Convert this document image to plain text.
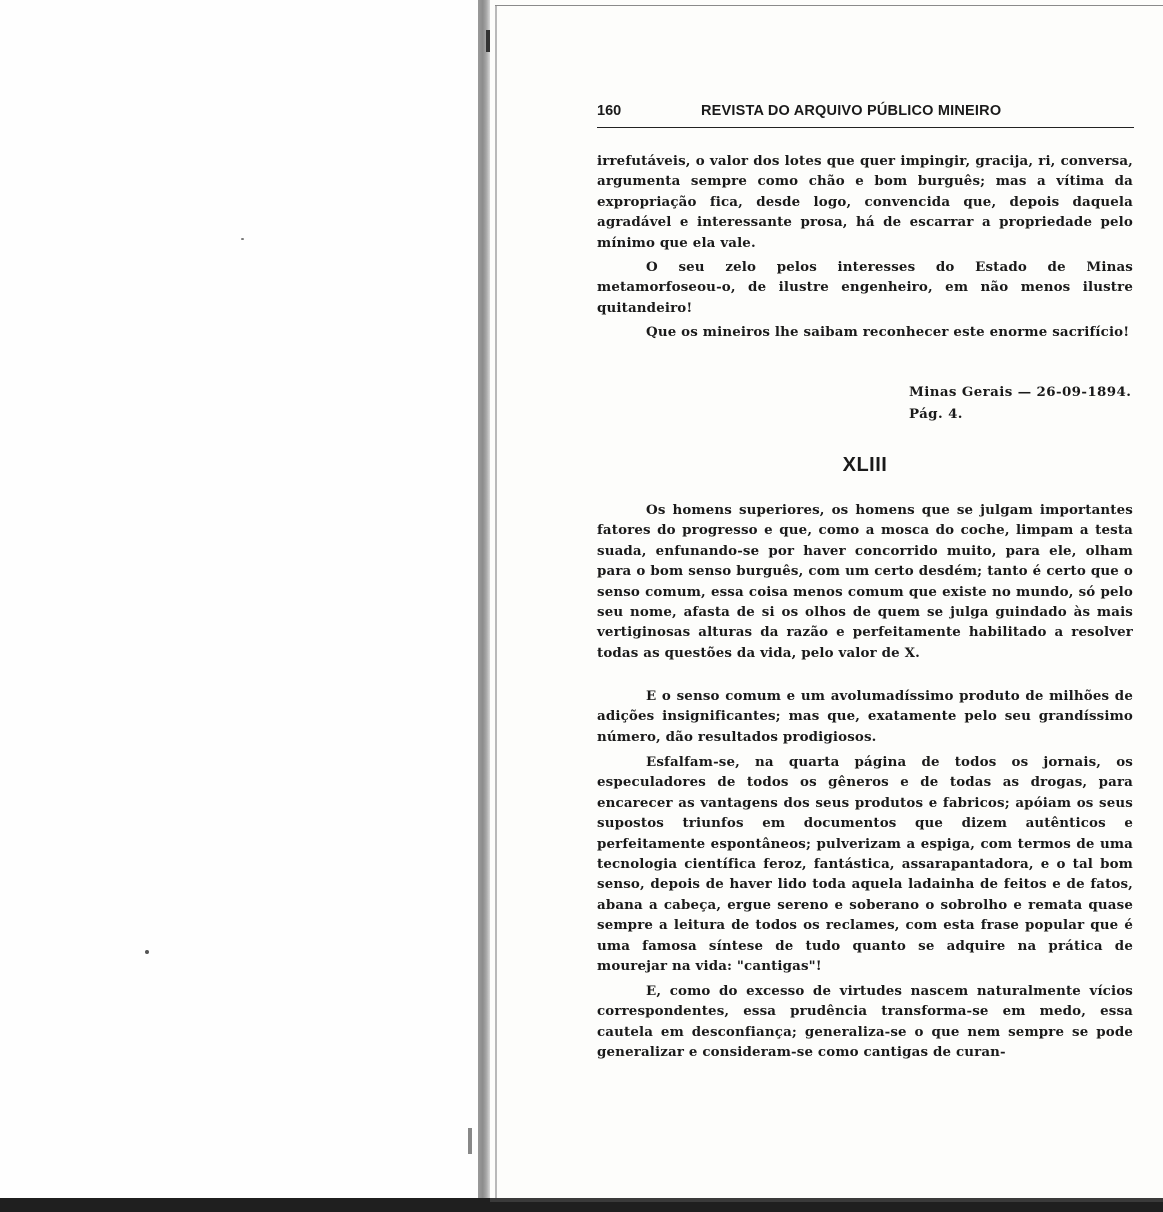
160	REVISTA DO ARQUIVO PÚBLICO MINEIRO
irrefutáveis, o valor dos lotes que quer impingir, gracija, ri, conversa, argumenta sempre como chão e bom burguês; mas a vítima da expropriação fica, desde logo, convencida que, depois daquela agradável e interessante prosa, há de escarrar a propriedade pelo mínimo que ela vale.
O seu zelo pelos interesses do Estado de Minas metamorfoseou-o, de ilustre engenheiro, em não menos ilustre quitandeiro!
Que os mineiros lhe saibam reconhecer este enorme sacrifício!
Minas Gerais — 26-09-1894.
Pág. 4.
XLIII
Os homens superiores, os homens que se julgam importantes fatores do progresso e que, como a mosca do coche, limpam a testa suada, enfunando-se por haver concorrido muito, para ele, olham para o bom senso burguês, com um certo desdém; tanto é certo que o senso comum, essa coisa menos comum que existe no mundo, só pelo seu nome, afasta de si os olhos de quem se julga guindado às mais vertiginosas alturas da razão e perfeitamente habilitado a resolver todas as questões da vida, pelo valor de X.
E o senso comum e um avolumadíssimo produto de milhões de adições insignificantes; mas que, exatamente pelo seu grandíssimo número, dão resultados prodigiosos.
Esfalfam-se, na quarta página de todos os jornais, os especuladores de todos os gêneros e de todas as drogas, para encarecer as vantagens dos seus produtos e fabricos; apóiam os seus supostos triunfos em documentos que dizem autênticos e perfeitamente espontâneos; pulverizam a espiga, com termos de uma tecnologia científica feroz, fantástica, assarapantadora, e o tal bom senso, depois de haver lido toda aquela ladainha de feitos e de fatos, abana a cabeça, ergue sereno e soberano o sobrolho e remata quase sempre a leitura de todos os reclames, com esta frase popular que é uma famosa síntese de tudo quanto se adquire na prática de mourejar na vida: "cantigas"!
E, como do excesso de virtudes nascem naturalmente vícios correspondentes, essa prudência transforma-se em medo, essa cautela em desconfiança; generaliza-se o que nem sempre se pode generalizar e consideram-se como cantigas de curan-
